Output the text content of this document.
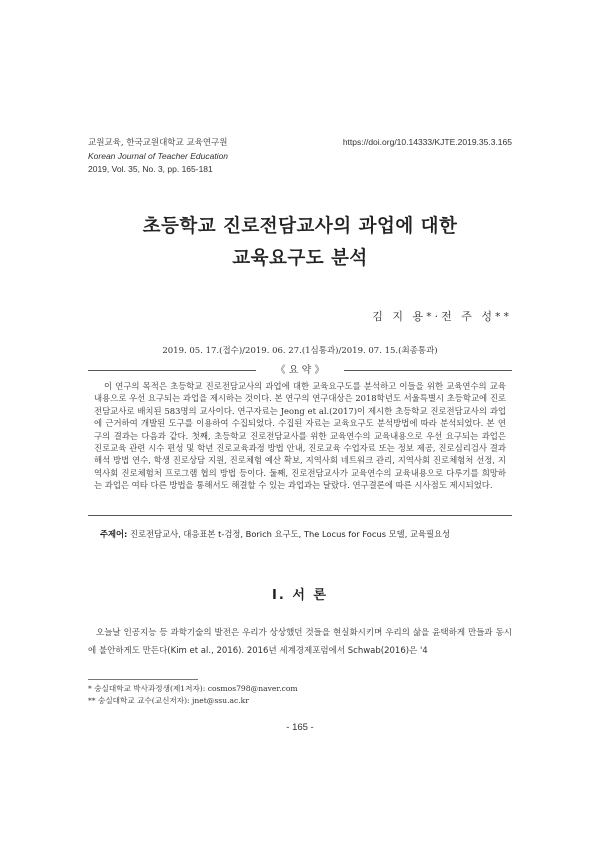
교원교육, 한국교원대학교 교육연구원
Korean Journal of Teacher Education
2019, Vol. 35, No. 3, pp. 165-181
https://doi.org/10.14333/KJTE.2019.35.3.165
초등학교 진로전담교사의 과업에 대한
교육요구도 분석
김 지 용*·전 주 성**
2019. 05. 17.(접수)/2019. 06. 27.(1심통과)/2019. 07. 15.(최종통과)
《 요 약 》
이 연구의 목적은 초등학교 진로전담교사의 과업에 대한 교육요구도를 분석하고 이들을 위한 교육연수의 교육내용으로 우선 요구되는 과업을 제시하는 것이다. 본 연구의 연구대상은 2018학년도 서울특별시 초등학교에 진로전담교사로 배치된 583명의 교사이다. 연구자료는 Jeong et al.(2017)이 제시한 초등학교 진로전담교사의 과업에 근거하여 개발된 도구를 이용하여 수집되었다. 수집된 자료는 교육요구도 분석방법에 따라 분석되었다. 본 연구의 결과는 다음과 같다. 첫째, 초등학교 진로전담교사를 위한 교육연수의 교육내용으로 우선 요구되는 과업은 진로교육 관련 시수 편성 및 학년 진로교육과정 방법 안내, 진로교육 수업자료 또는 정보 제공, 진로심리검사 결과 해석 방법 연수, 학생 진로상담 지원, 진로체험 예산 확보, 지역사회 네트워크 관리, 지역사회 진로체험처 선정, 지역사회 진로체험처 프로그램 협의 방법 등이다. 둘째, 진로전담교사가 교육연수의 교육내용으로 다루기를 희망하는 과업은 여타 다른 방법을 통해서도 해결할 수 있는 과업과는 달랐다. 연구결론에 따른 시사점도 제시되었다.
주제어: 진로전담교사, 대응표본 t-검정, Borich 요구도, The Locus for Focus 모델, 교육필요성
Ⅰ. 서 론
오늘날 인공지능 등 과학기술의 발전은 우리가 상상했던 것들을 현실화시키며 우리의 삶을 윤택하게 만들과 동시에 불안하게도 만든다(Kim et al., 2016). 2016년 세계경제포럼에서 Schwab(2016)은 '4
* 숭실대학교 박사과정생(제1저자): cosmos798@naver.com
** 숭실대학교 교수(교신저자): jnet@ssu.ac.kr
- 165 -
